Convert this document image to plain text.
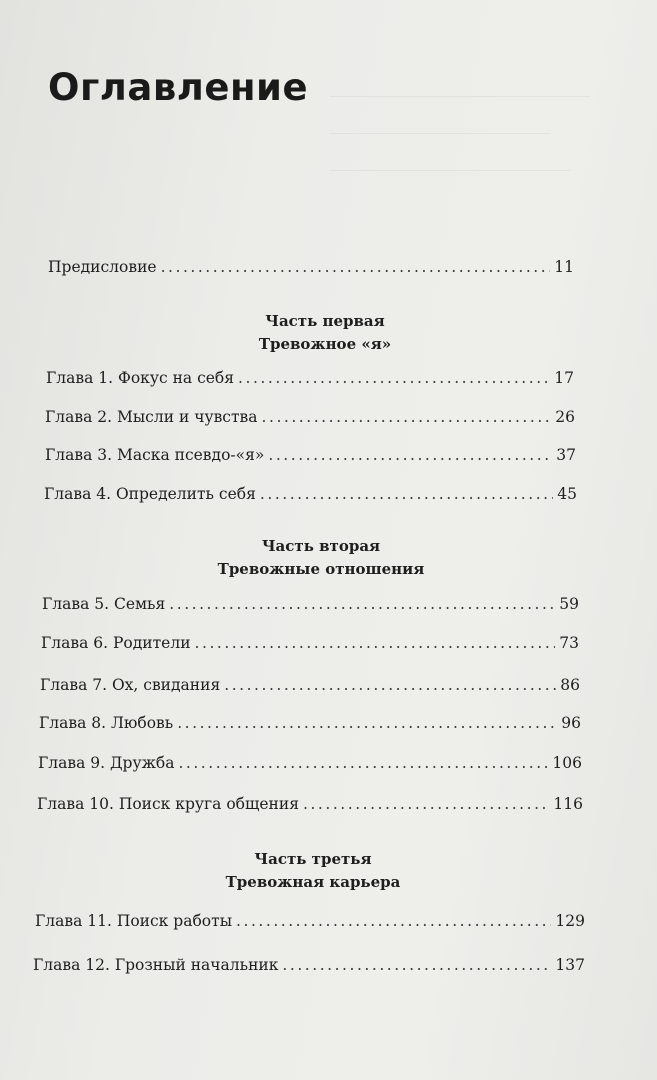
Оглавление
Предисловие . . .	11
Часть первая
Тревожное «я»
Глава 1. Фокус на себя . . .	17
Глава 2. Мысли и чувства . . .	26
Глава 3. Маска псевдо-«я» . . .	37
Глава 4. Определить себя . . .	45
Часть вторая
Тревожные отношения
Глава 5. Семья . . .	59
Глава 6. Родители . . .	73
Глава 7. Ох, свидания . . .	86
Глава 8. Любовь . . .	96
Глава 9. Дружба . . .	106
Глава 10. Поиск круга общения . . .	116
Часть третья
Тревожная карьера
Глава 11. Поиск работы . . .	129
Глава 12. Грозный начальник . . .	137
